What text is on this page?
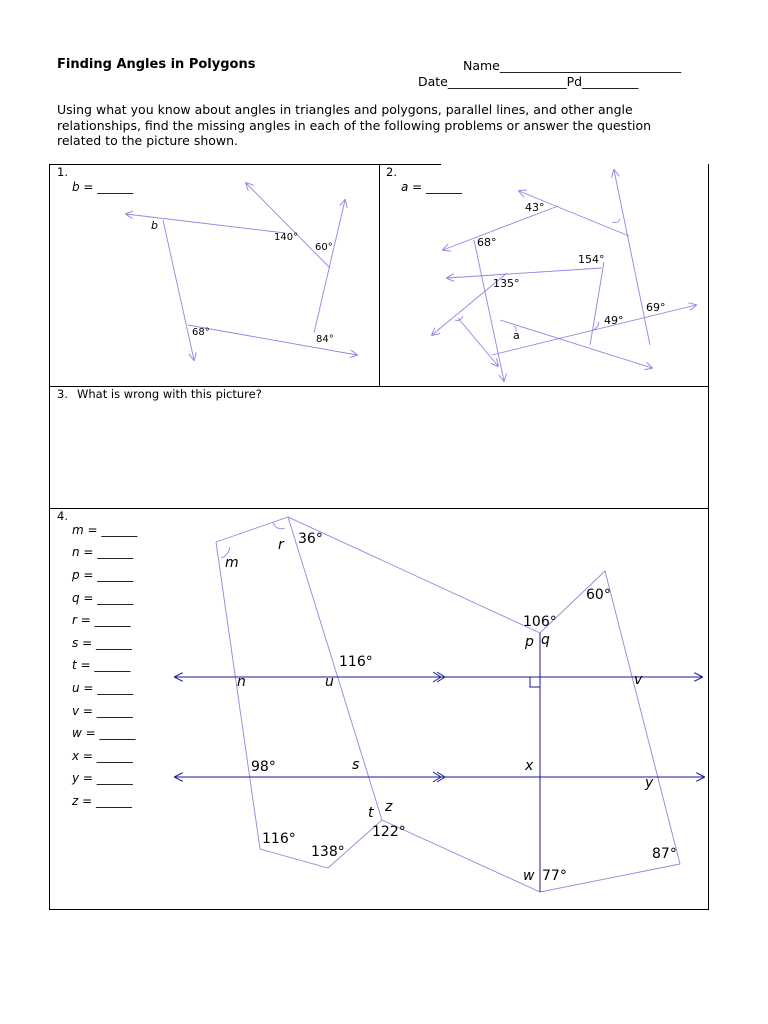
Finding Angles in Polygons	Name_____________________________
Date___________________Pd_________
Using what you know about angles in triangles and polygons, parallel lines, and other angle relationships, find the missing angles in each of the following problems or answer the question related to the picture shown.
1.
b = ______
2.
a = ______
3. What is wrong with this picture?
4.
m = ______
n = ______
p = ______
q = ______
r = ______
s = ______
t = ______
u = ______
v = ______
w = ______
x = ______
y = ______
z = ______
b
140°
60°
68°
84°
43°
68°
154°
135°
49°
69°
a
m
r 36°
106°
p q
60°
116°
n	u	v
98°	s	x
y
t z
116°
138°
122°
w 77°
87°
